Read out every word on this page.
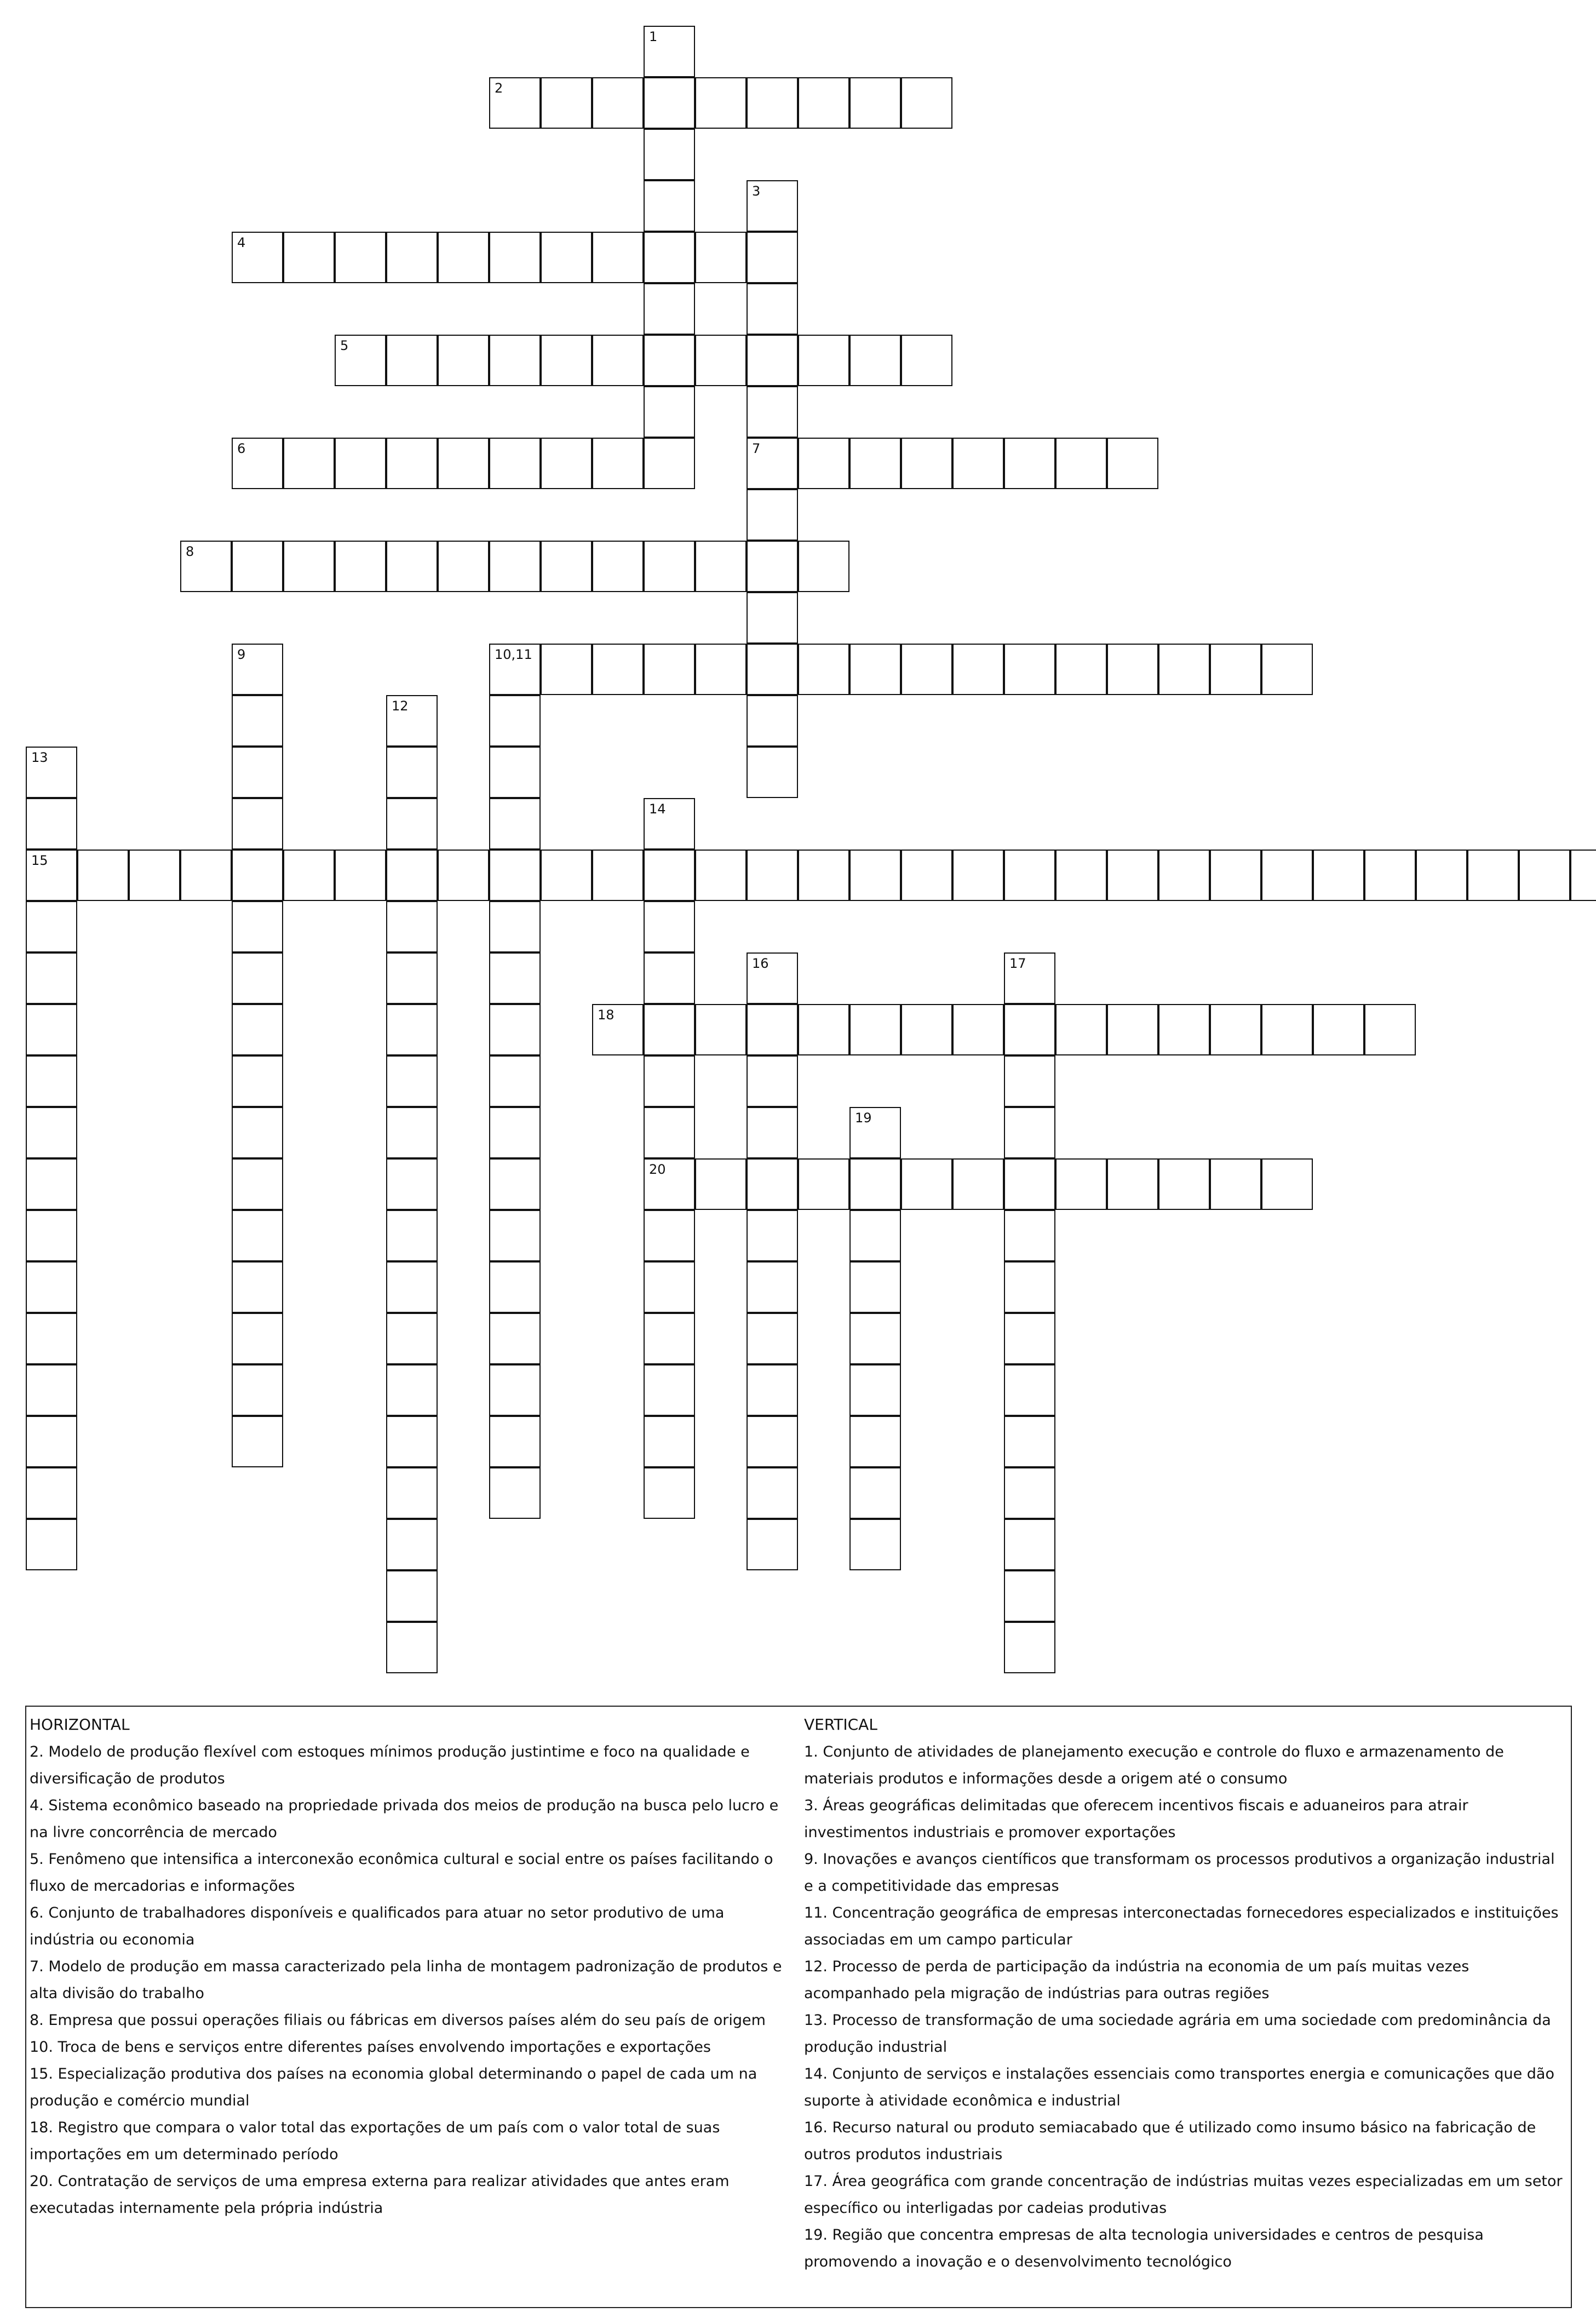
1
2
3
7
4
5
6
8
9	10,11
12
13
15
14
20
16	17
18
19
HORIZONTAL

2. Modelo de produção flexível com estoques mínimos produção justintime e foco na qualidade e diversificação de produtos

4. Sistema econômico baseado na propriedade privada dos meios de produção na busca pelo lucro e na livre concorrência de mercado

5. Fenômeno que intensifica a interconexão econômica cultural e social entre os países facilitando o fluxo de mercadorias e informações

6. Conjunto de trabalhadores disponíveis e qualificados para atuar no setor produtivo de uma indústria ou economia

7. Modelo de produção em massa caracterizado pela linha de montagem padronização de produtos e alta divisão do trabalho

8. Empresa que possui operações filiais ou fábricas em diversos países além do seu país de origem

10. Troca de bens e serviços entre diferentes países envolvendo importações e exportações

15. Especialização produtiva dos países na economia global determinando o papel de cada um na produção e comércio mundial

18. Registro que compara o valor total das exportações de um país com o valor total de suas importações em um determinado período

20. Contratação de serviços de uma empresa externa para realizar atividades que antes eram executadas internamente pela própria indústria

VERTICAL

1. Conjunto de atividades de planejamento execução e controle do fluxo e armazenamento de materiais produtos e informações desde a origem até o consumo

3. Áreas geográficas delimitadas que oferecem incentivos fiscais e aduaneiros para atrair investimentos industriais e promover exportações

9. Inovações e avanços científicos que transformam os processos produtivos a organização industrial e a competitividade das empresas

11. Concentração geográfica de empresas interconectadas fornecedores especializados e instituições associadas em um campo particular

12. Processo de perda de participação da indústria na economia de um país muitas vezes acompanhado pela migração de indústrias para outras regiões

13. Processo de transformação de uma sociedade agrária em uma sociedade com predominância da produção industrial

14. Conjunto de serviços e instalações essenciais como transportes energia e comunicações que dão suporte à atividade econômica e industrial

16. Recurso natural ou produto semiacabado que é utilizado como insumo básico na fabricação de outros produtos industriais

17. Área geográfica com grande concentração de indústrias muitas vezes especializadas em um setor específico ou interligadas por cadeias produtivas

19. Região que concentra empresas de alta tecnologia universidades e centros de pesquisa promovendo a inovação e o desenvolvimento tecnológico
